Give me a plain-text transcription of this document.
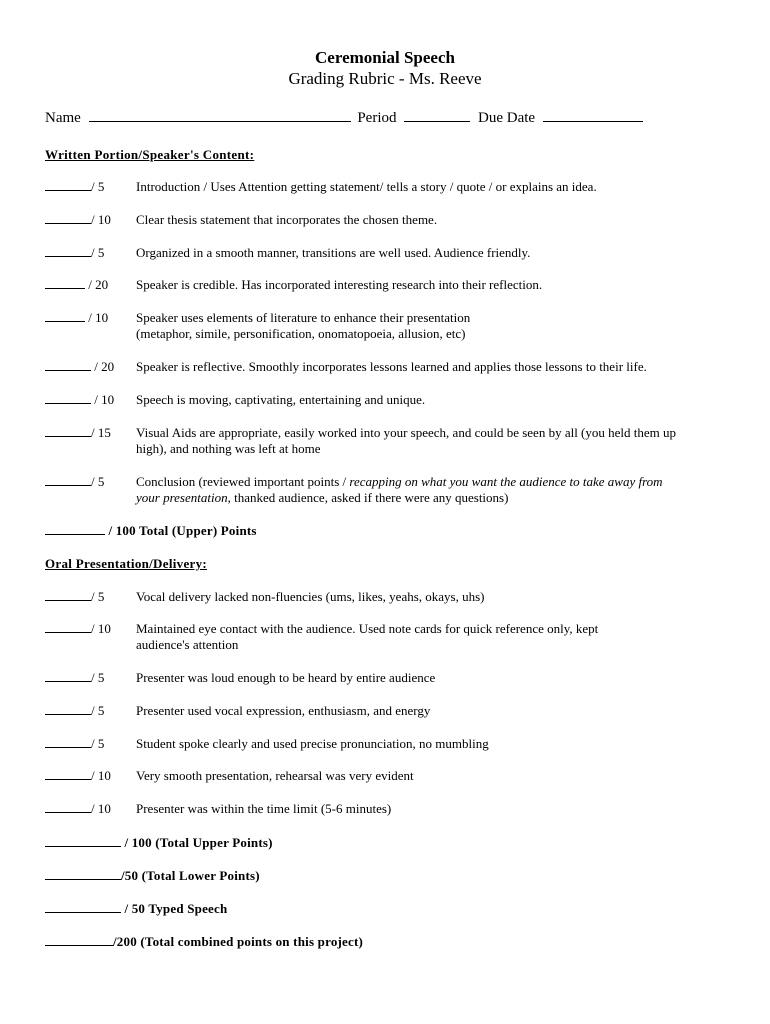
Ceremonial Speech
Grading Rubric - Ms. Reeve
Name	Period	Due Date
Written Portion/Speaker's Content:
/ 5 Introduction / Uses Attention getting statement/ tells a story / quote / or explains an idea.
/ 10 Clear thesis statement that incorporates the chosen theme.
/ 5 Organized in a smooth manner, transitions are well used. Audience friendly.
/ 20 Speaker is credible. Has incorporated interesting research into their reflection.
/ 10 Speaker uses elements of literature to enhance their presentation
(metaphor, simile, personification, onomatopoeia, allusion, etc)
/ 20 Speaker is reflective. Smoothly incorporates lessons learned and applies those lessons to their life.
/ 10 Speech is moving, captivating, entertaining and unique.
/ 15 Visual Aids are appropriate, easily worked into your speech, and could be seen by all (you held them up
high), and nothing was left at home
/ 5 Conclusion (reviewed important points / recapping on what you want the audience to take away from
your presentation, thanked audience, asked if there were any questions)
/ 100 Total (Upper) Points
Oral Presentation/Delivery:
/ 5 Vocal delivery lacked non-fluencies (ums, likes, yeahs, okays, uhs)
/ 10 Maintained eye contact with the audience. Used note cards for quick reference only, kept
audience's attention
/ 5 Presenter was loud enough to be heard by entire audience
/ 5 Presenter used vocal expression, enthusiasm, and energy
/ 5 Student spoke clearly and used precise pronunciation, no mumbling
/ 10 Very smooth presentation, rehearsal was very evident
/ 10 Presenter was within the time limit (5-6 minutes)
/ 100 (Total Upper Points)
/50 (Total Lower Points)
/ 50 Typed Speech
/200 (Total combined points on this project)
